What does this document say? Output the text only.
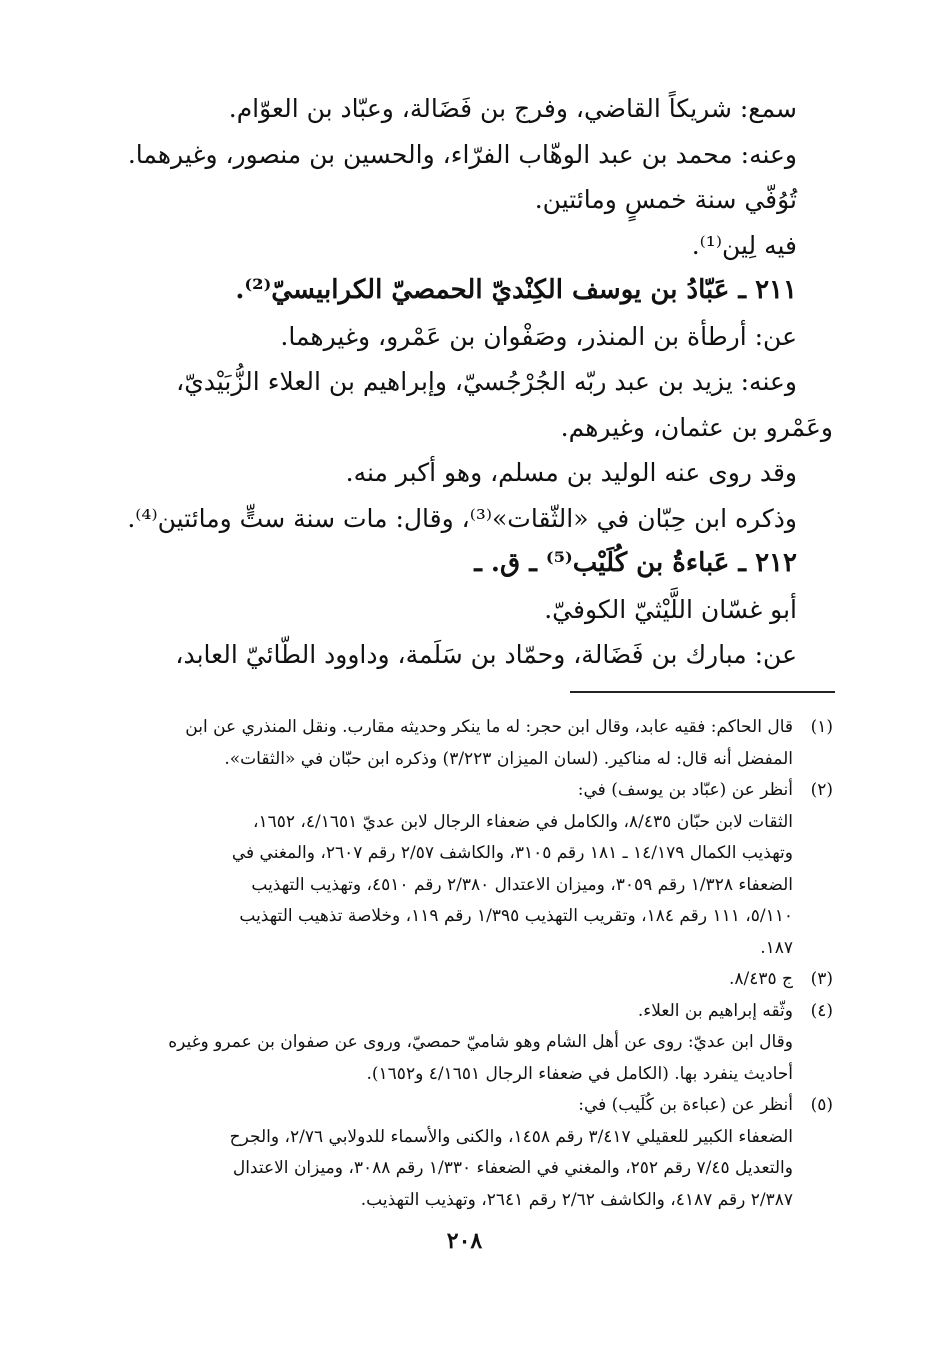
سمع: شريكاً القاضي، وفرج بن فَضَالة، وعبّاد بن العوّام.

وعنه: محمد بن عبد الوهّاب الفرّاء، والحسين بن منصور، وغيرهما.

تُوُفّي سنة خمسٍ ومائتين.

فيه لِين⁽¹⁾.

٢١١ ـ عَبّادُ بن يوسف الكِنْديّ الحمصيّ الكرابيسيّ⁽²⁾.

عن: أرطأة بن المنذر، وصَفْوان بن عَمْرو، وغيرهما.

وعنه: يزيد بن عبد ربّه الجُرْجُسيّ، وإبراهيم بن العلاء الزُّبَيْديّ،

وعَمْرو بن عثمان، وغيرهم.

وقد روى عنه الوليد بن مسلم، وهو أكبر منه.

وذكره ابن حِبّان في «الثّقات»⁽³⁾، وقال: مات سنة ستٍّ ومائتين⁽⁴⁾.

٢١٢ ـ عَباءةُ بن كُلَيْب⁽⁵⁾ ـ ق. ـ

أبو غسّان اللَّيْثيّ الكوفيّ.

عن: مبارك بن فَضَالة، وحمّاد بن سَلَمة، وداوود الطّائيّ العابد،

(١)

قال الحاكم: فقيه عابد، وقال ابن حجر: له ما ينكر وحديثه مقارب. ونقل المنذري عن ابن

المفضل أنه قال: له مناكير. (لسان الميزان ٣/٢٢٣) وذكره ابن حبّان في «الثقات».

(٢)

أنظر عن (عبّاد بن يوسف) في:

الثقات لابن حبّان ٨/٤٣٥، والكامل في ضعفاء الرجال لابن عديّ ٤/١٦٥١، ١٦٥٢،

وتهذيب الكمال ١٤/١٧٩ ـ ١٨١ رقم ٣١٠٥، والكاشف ٢/٥٧ رقم ٢٦٠٧، والمغني في

الضعفاء ١/٣٢٨ رقم ٣٠٥٩، وميزان الاعتدال ٢/٣٨٠ رقم ٤٥١٠، وتهذيب التهذيب

٥/١١٠، ١١١ رقم ١٨٤، وتقريب التهذيب ١/٣٩٥ رقم ١١٩، وخلاصة تذهيب التهذيب

١٨٧.

(٣)

ج ٨/٤٣٥.

(٤)

وثّقه إبراهيم بن العلاء.

وقال ابن عديّ: روى عن أهل الشام وهو شاميّ حمصيّ، وروى عن صفوان بن عمرو وغيره

أحاديث ينفرد بها. (الكامل في ضعفاء الرجال ٤/١٦٥١ و١٦٥٢).

(٥)

أنظر عن (عباءة بن كُلَيب) في:

الضعفاء الكبير للعقيلي ٣/٤١٧ رقم ١٤٥٨، والكنى والأسماء للدولابي ٢/٧٦، والجرح

والتعديل ٧/٤٥ رقم ٢٥٢، والمغني في الضعفاء ١/٣٣٠ رقم ٣٠٨٨، وميزان الاعتدال

٢/٣٨٧ رقم ٤١٨٧، والكاشف ٢/٦٢ رقم ٢٦٤١، وتهذيب التهذيب.

٢٠٨
